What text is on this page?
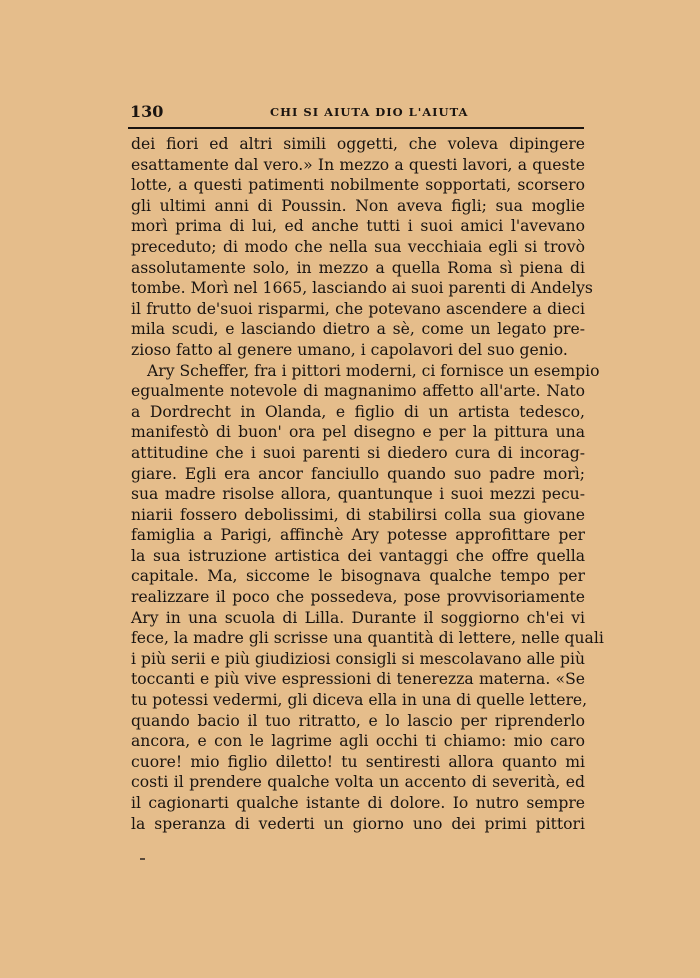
130	CHI SI AIUTA DIO L'AIUTA
dei fiori ed altri simili oggetti, che voleva dipingere
esattamente dal vero.» In mezzo a questi lavori, a queste
lotte, a questi patimenti nobilmente sopportati, scorsero
gli ultimi anni di Poussin. Non aveva figli; sua moglie
morì prima di lui, ed anche tutti i suoi amici l'avevano
preceduto; di modo che nella sua vecchiaia egli si trovò
assolutamente solo, in mezzo a quella Roma sì piena di
tombe. Morì nel 1665, lasciando ai suoi parenti di Andelys
il frutto de'suoi risparmi, che potevano ascendere a dieci
mila scudi, e lasciando dietro a sè, come un legato pre-
zioso fatto al genere umano, i capolavori del suo genio.
Ary Scheffer, fra i pittori moderni, ci fornisce un esempio
egualmente notevole di magnanimo affetto all'arte. Nato
a Dordrecht in Olanda, e figlio di un artista tedesco,
manifestò di buon' ora pel disegno e per la pittura una
attitudine che i suoi parenti si diedero cura di incorag-
giare. Egli era ancor fanciullo quando suo padre morì;
sua madre risolse allora, quantunque i suoi mezzi pecu-
niarii fossero debolissimi, di stabilirsi colla sua giovane
famiglia a Parigi, affinchè Ary potesse approfittare per
la sua istruzione artistica dei vantaggi che offre quella
capitale. Ma, siccome le bisognava qualche tempo per
realizzare il poco che possedeva, pose provvisoriamente
Ary in una scuola di Lilla. Durante il soggiorno ch'ei vi
fece, la madre gli scrisse una quantità di lettere, nelle quali
i più serii e più giudiziosi consigli si mescolavano alle più
toccanti e più vive espressioni di tenerezza materna. «Se
tu potessi vedermi, gli diceva ella in una di quelle lettere,
quando bacio il tuo ritratto, e lo lascio per riprenderlo
ancora, e con le lagrime agli occhi ti chiamo: mio caro
cuore! mio figlio diletto! tu sentiresti allora quanto mi
costi il prendere qualche volta un accento di severità, ed
il cagionarti qualche istante di dolore. Io nutro sempre
la speranza di vederti un giorno uno dei primi pittori
